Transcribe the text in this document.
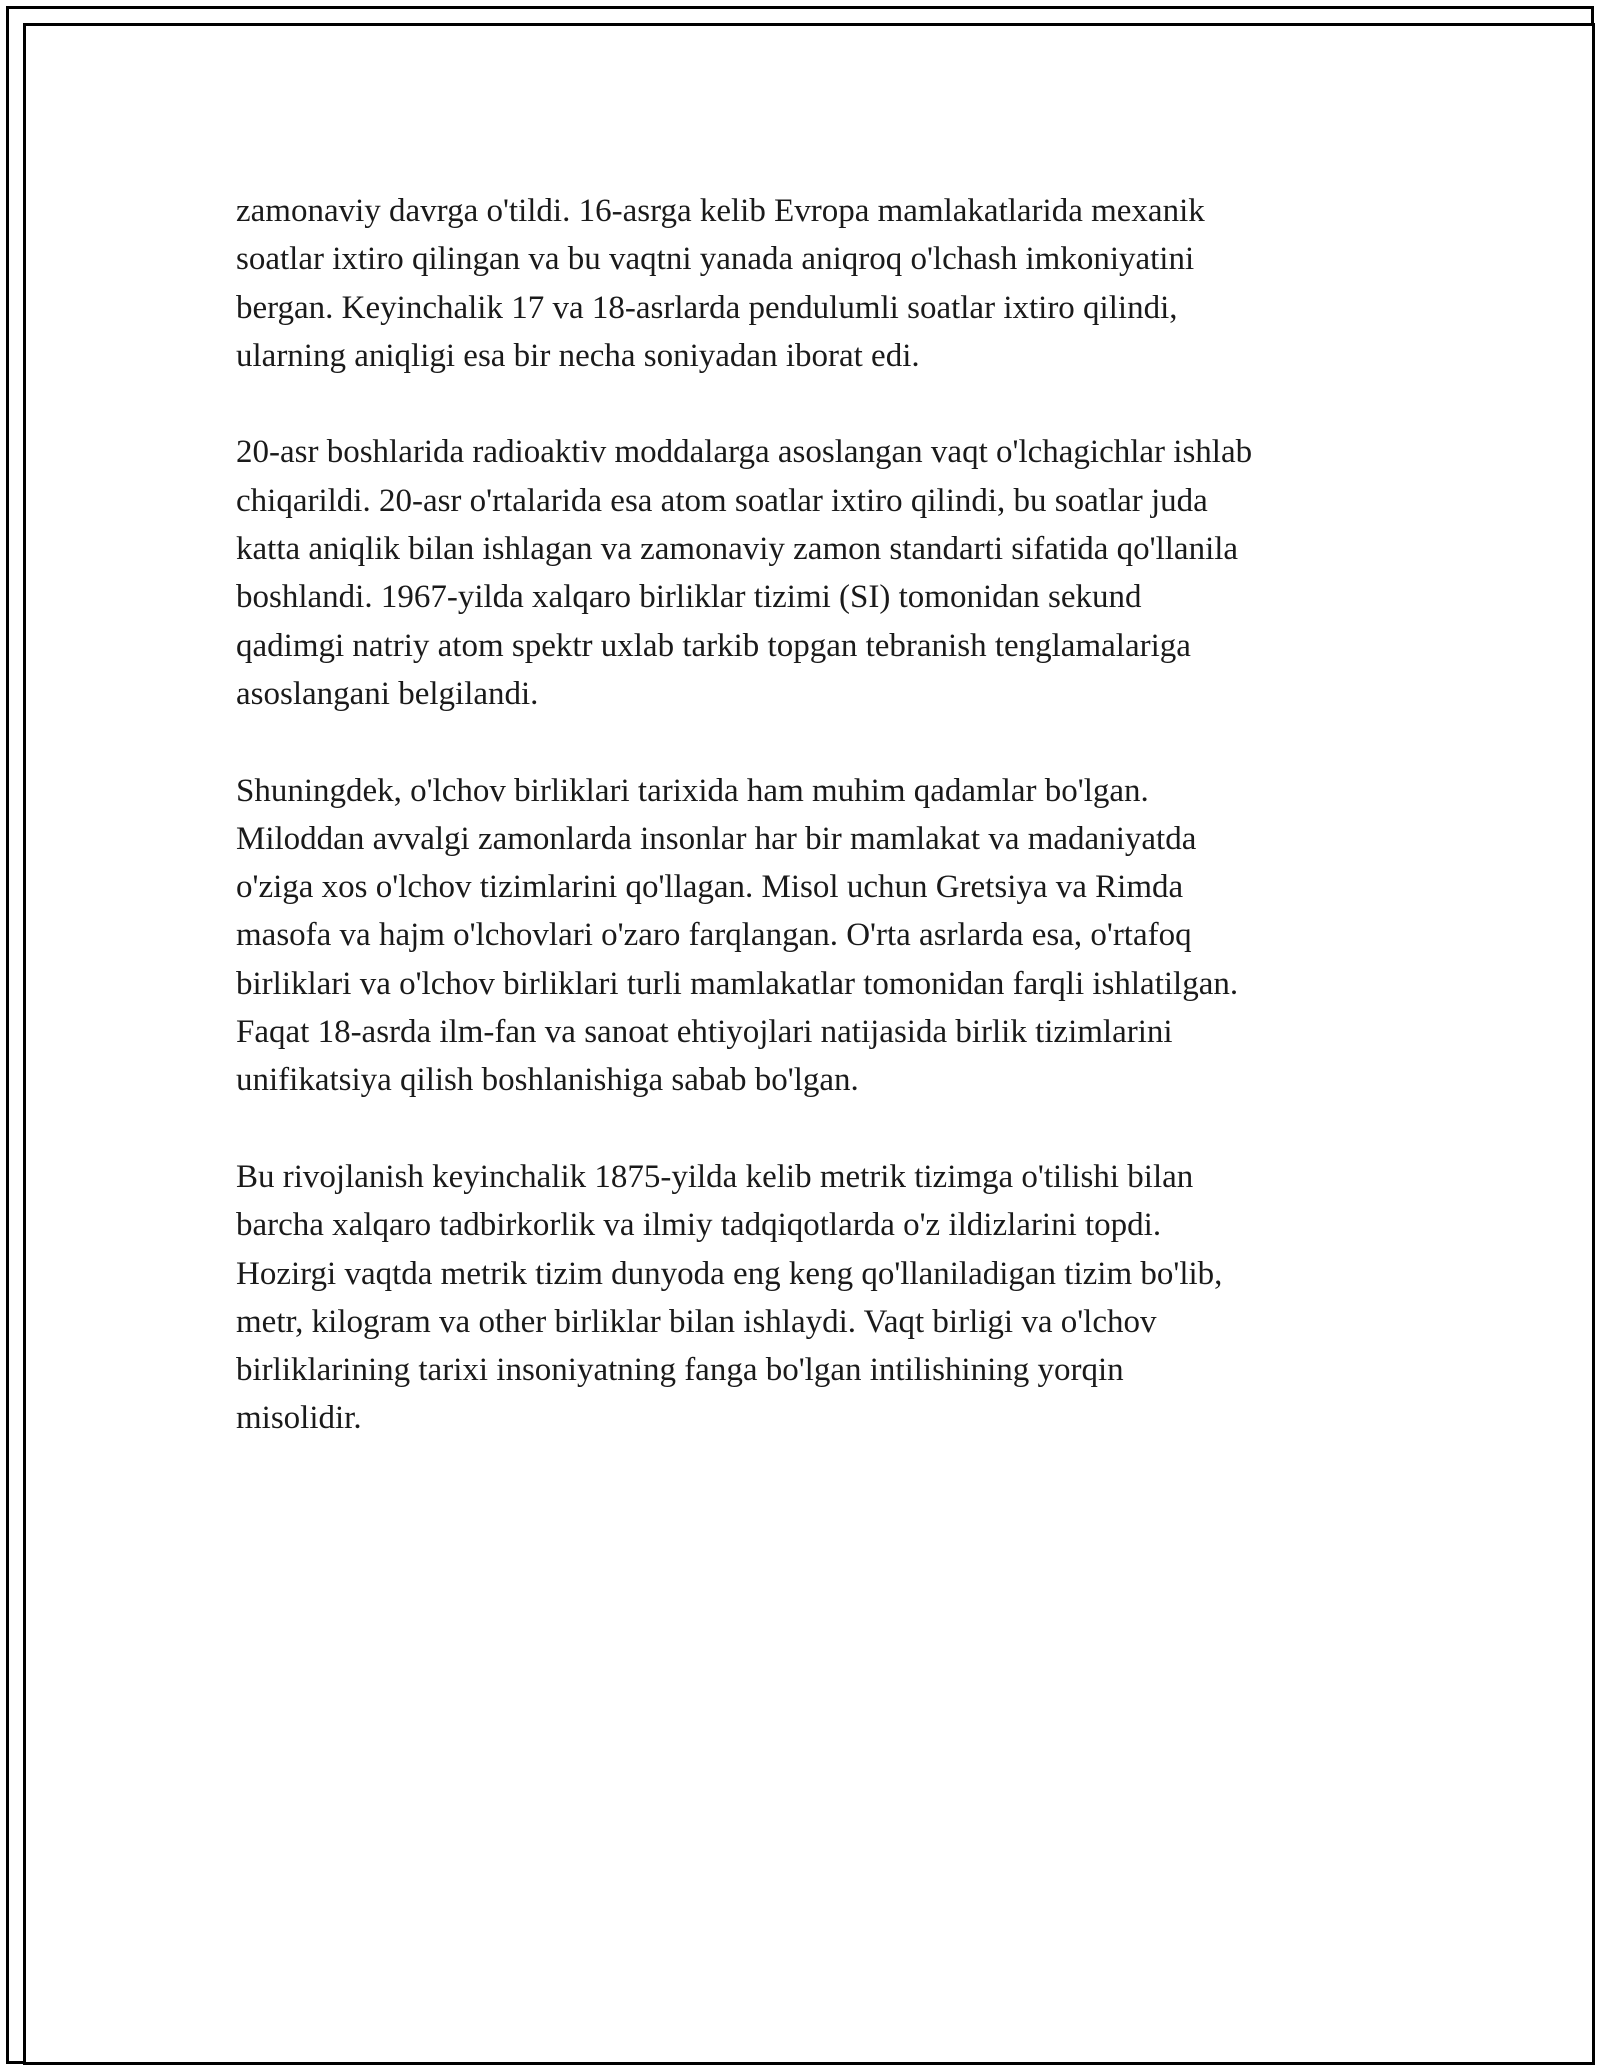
zamonaviy davrga o'tildi. 16-asrga kelib Evropa mamlakatlarida mexanik
soatlar ixtiro qilingan va bu vaqtni yanada aniqroq o'lchash imkoniyatini
bergan. Keyinchalik 17 va 18-asrlarda pendulumli soatlar ixtiro qilindi,
ularning aniqligi esa bir necha soniyadan iborat edi.

20-asr boshlarida radioaktiv moddalarga asoslangan vaqt o'lchagichlar ishlab
chiqarildi. 20-asr o'rtalarida esa atom soatlar ixtiro qilindi, bu soatlar juda
katta aniqlik bilan ishlagan va zamonaviy zamon standarti sifatida qo'llanila
boshlandi. 1967-yilda xalqaro birliklar tizimi (SI) tomonidan sekund
qadimgi natriy atom spektr uxlab tarkib topgan tebranish tenglamalariga
asoslangani belgilandi.

Shuningdek, o'lchov birliklari tarixida ham muhim qadamlar bo'lgan.
Miloddan avvalgi zamonlarda insonlar har bir mamlakat va madaniyatda
o'ziga xos o'lchov tizimlarini qo'llagan. Misol uchun Gretsiya va Rimda
masofa va hajm o'lchovlari o'zaro farqlangan. O'rta asrlarda esa, o'rtafoq
birliklari va o'lchov birliklari turli mamlakatlar tomonidan farqli ishlatilgan.
Faqat 18-asrda ilm-fan va sanoat ehtiyojlari natijasida birlik tizimlarini
unifikatsiya qilish boshlanishiga sabab bo'lgan.

Bu rivojlanish keyinchalik 1875-yilda kelib metrik tizimga o'tilishi bilan
barcha xalqaro tadbirkorlik va ilmiy tadqiqotlarda o'z ildizlarini topdi.
Hozirgi vaqtda metrik tizim dunyoda eng keng qo'llaniladigan tizim bo'lib,
metr, kilogram va other birliklar bilan ishlaydi. Vaqt birligi va o'lchov
birliklarining tarixi insoniyatning fanga bo'lgan intilishining yorqin
misolidir.
